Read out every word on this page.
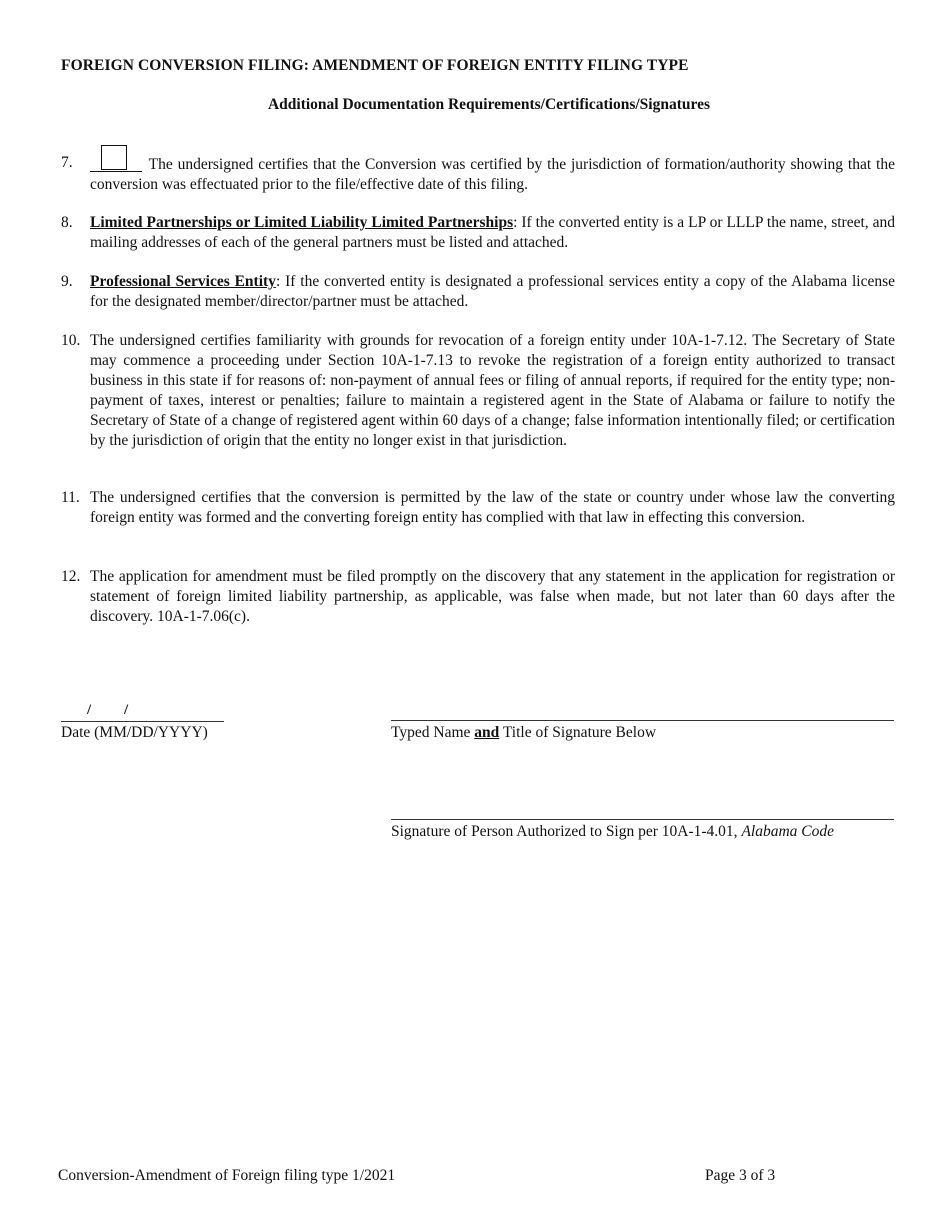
FOREIGN CONVERSION FILING: AMENDMENT OF FOREIGN ENTITY FILING TYPE
Additional Documentation Requirements/Certifications/Signatures
7.	The undersigned certifies that the Conversion was certified by the jurisdiction of formation/authority showing that the conversion was effectuated prior to the file/effective date of this filing.
8. Limited Partnerships or Limited Liability Limited Partnerships: If the converted entity is a LP or LLLP the name, street, and mailing addresses of each of the general partners must be listed and attached.
9. Professional Services Entity: If the converted entity is designated a professional services entity a copy of the Alabama license for the designated member/director/partner must be attached.
10. The undersigned certifies familiarity with grounds for revocation of a foreign entity under 10A-1-7.12. The Secretary of State may commence a proceeding under Section 10A-1-7.13 to revoke the registration of a foreign entity authorized to transact business in this state if for reasons of: non-payment of annual fees or filing of annual reports, if required for the entity type; non-payment of taxes, interest or penalties; failure to maintain a registered agent in the State of Alabama or failure to notify the Secretary of State of a change of registered agent within 60 days of a change; false information intentionally filed; or certification by the jurisdiction of origin that the entity no longer exist in that jurisdiction.
11. The undersigned certifies that the conversion is permitted by the law of the state or country under whose law the converting foreign entity was formed and the converting foreign entity has complied with that law in effecting this conversion.
12. The application for amendment must be filed promptly on the discovery that any statement in the application for registration or statement of foreign limited liability partnership, as applicable, was false when made, but not later than 60 days after the discovery. 10A-1-7.06(c).
/ /
Date (MM/DD/YYYY)	Typed Name and Title of Signature Below
Signature of Person Authorized to Sign per 10A-1-4.01, Alabama Code
Conversion-Amendment of Foreign filing type 1/2021	Page 3 of 3
